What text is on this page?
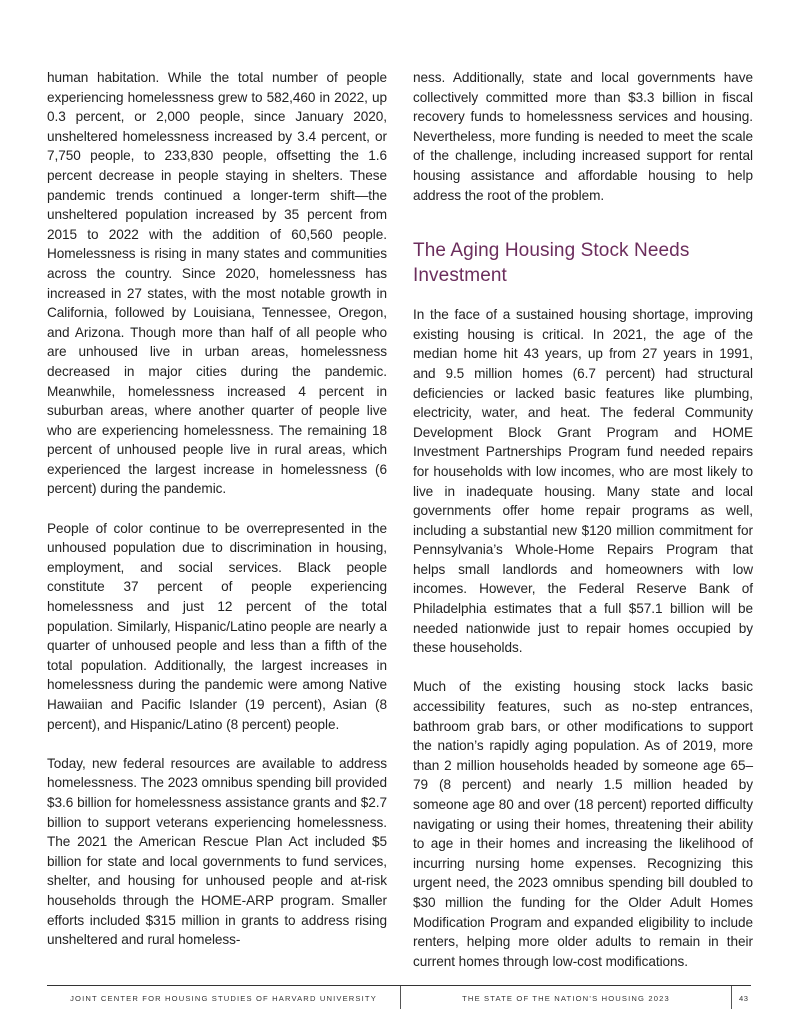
human habitation. While the total number of people experiencing homelessness grew to 582,460 in 2022, up 0.3 percent, or 2,000 people, since January 2020, unsheltered homelessness increased by 3.4 percent, or 7,750 people, to 233,830 people, offsetting the 1.6 percent decrease in people staying in shelters. These pandemic trends continued a longer-term shift—the unsheltered population increased by 35 percent from 2015 to 2022 with the addition of 60,560 people. Homelessness is rising in many states and communities across the country. Since 2020, homelessness has increased in 27 states, with the most notable growth in California, followed by Louisiana, Tennessee, Oregon, and Arizona. Though more than half of all people who are unhoused live in urban areas, homelessness decreased in major cities during the pandemic. Meanwhile, homelessness increased 4 percent in suburban areas, where another quarter of people live who are experiencing homelessness. The remaining 18 percent of unhoused people live in rural areas, which experienced the largest increase in homelessness (6 percent) during the pandemic.

People of color continue to be overrepresented in the unhoused population due to discrimination in housing, employment, and social services. Black people constitute 37 percent of people experiencing homelessness and just 12 percent of the total population. Similarly, Hispanic/Latino people are nearly a quarter of unhoused people and less than a fifth of the total population. Additionally, the largest increases in homelessness during the pandemic were among Native Hawaiian and Pacific Islander (19 percent), Asian (8 percent), and Hispanic/Latino (8 percent) people.

Today, new federal resources are available to address homelessness. The 2023 omnibus spending bill provided $3.6 billion for homelessness assistance grants and $2.7 billion to support veterans experiencing homelessness. The 2021 the American Rescue Plan Act included $5 billion for state and local governments to fund services, shelter, and housing for unhoused people and at-risk households through the HOME-ARP program. Smaller efforts included $315 million in grants to address rising unsheltered and rural homeless-

ness. Additionally, state and local governments have collectively committed more than $3.3 billion in fiscal recovery funds to homelessness services and housing. Nevertheless, more funding is needed to meet the scale of the challenge, including increased support for rental housing assistance and affordable housing to help address the root of the problem.

The Aging Housing Stock Needs Investment

In the face of a sustained housing shortage, improving existing housing is critical. In 2021, the age of the median home hit 43 years, up from 27 years in 1991, and 9.5 million homes (6.7 percent) had structural deficiencies or lacked basic features like plumbing, electricity, water, and heat. The federal Community Development Block Grant Program and HOME Investment Partnerships Program fund needed repairs for households with low incomes, who are most likely to live in inadequate housing. Many state and local governments offer home repair programs as well, including a substantial new $120 million commitment for Pennsylvania’s Whole-Home Repairs Program that helps small landlords and homeowners with low incomes. However, the Federal Reserve Bank of Philadelphia estimates that a full $57.1 billion will be needed nationwide just to repair homes occupied by these households.

Much of the existing housing stock lacks basic accessibility features, such as no-step entrances, bathroom grab bars, or other modifications to support the nation’s rapidly aging population. As of 2019, more than 2 million households headed by someone age 65–79 (8 percent) and nearly 1.5 million headed by someone age 80 and over (18 percent) reported difficulty navigating or using their homes, threatening their ability to age in their homes and increasing the likelihood of incurring nursing home expenses. Recognizing this urgent need, the 2023 omnibus spending bill doubled to $30 million the funding for the Older Adult Homes Modification Program and expanded eligibility to include renters, helping more older adults to remain in their current homes through low-cost modifications.

JOINT CENTER FOR HOUSING STUDIES OF HARVARD UNIVERSITY	THE STATE OF THE NATION’S HOUSING 2023	43
